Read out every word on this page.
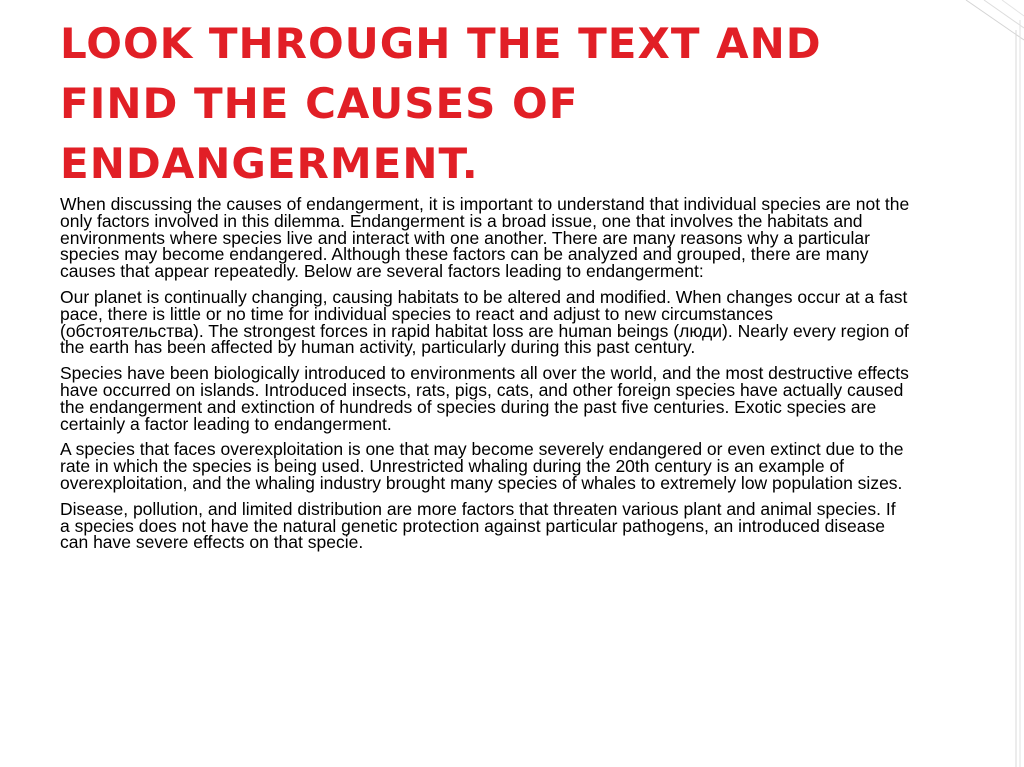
LOOK THROUGH THE TEXT AND FIND THE CAUSES OF ENDANGERMENT.

When discussing the causes of endangerment, it is important to understand that individual species are not the only factors involved in this dilemma. Endangerment is a broad issue, one that involves the habitats and environments where species live and interact with one another. There are many reasons why a particular species may become endangered. Although these factors can be analyzed and grouped, there are many causes that appear repeatedly. Below are several factors leading to endangerment:

Our planet is continually changing, causing habitats to be altered and modified. When changes occur at a fast pace, there is little or no time for individual species to react and adjust to new circumstances (обстоятельства). The strongest forces in rapid habitat loss are human beings (люди). Nearly every region of the earth has been affected by human activity, particularly during this past century.

Species have been biologically introduced to environments all over the world, and the most destructive effects have occurred on islands. Introduced insects, rats, pigs, cats, and other foreign species have actually caused the endangerment and extinction of hundreds of species during the past five centuries. Exotic species are certainly a factor leading to endangerment.

A species that faces overexploitation is one that may become severely endangered or even extinct due to the rate in which the species is being used. Unrestricted whaling during the 20th century is an example of overexploitation, and the whaling industry brought many species of whales to extremely low population sizes.

Disease, pollution, and limited distribution are more factors that threaten various plant and animal species. If a species does not have the natural genetic protection against particular pathogens, an introduced disease can have severe effects on that specie.
